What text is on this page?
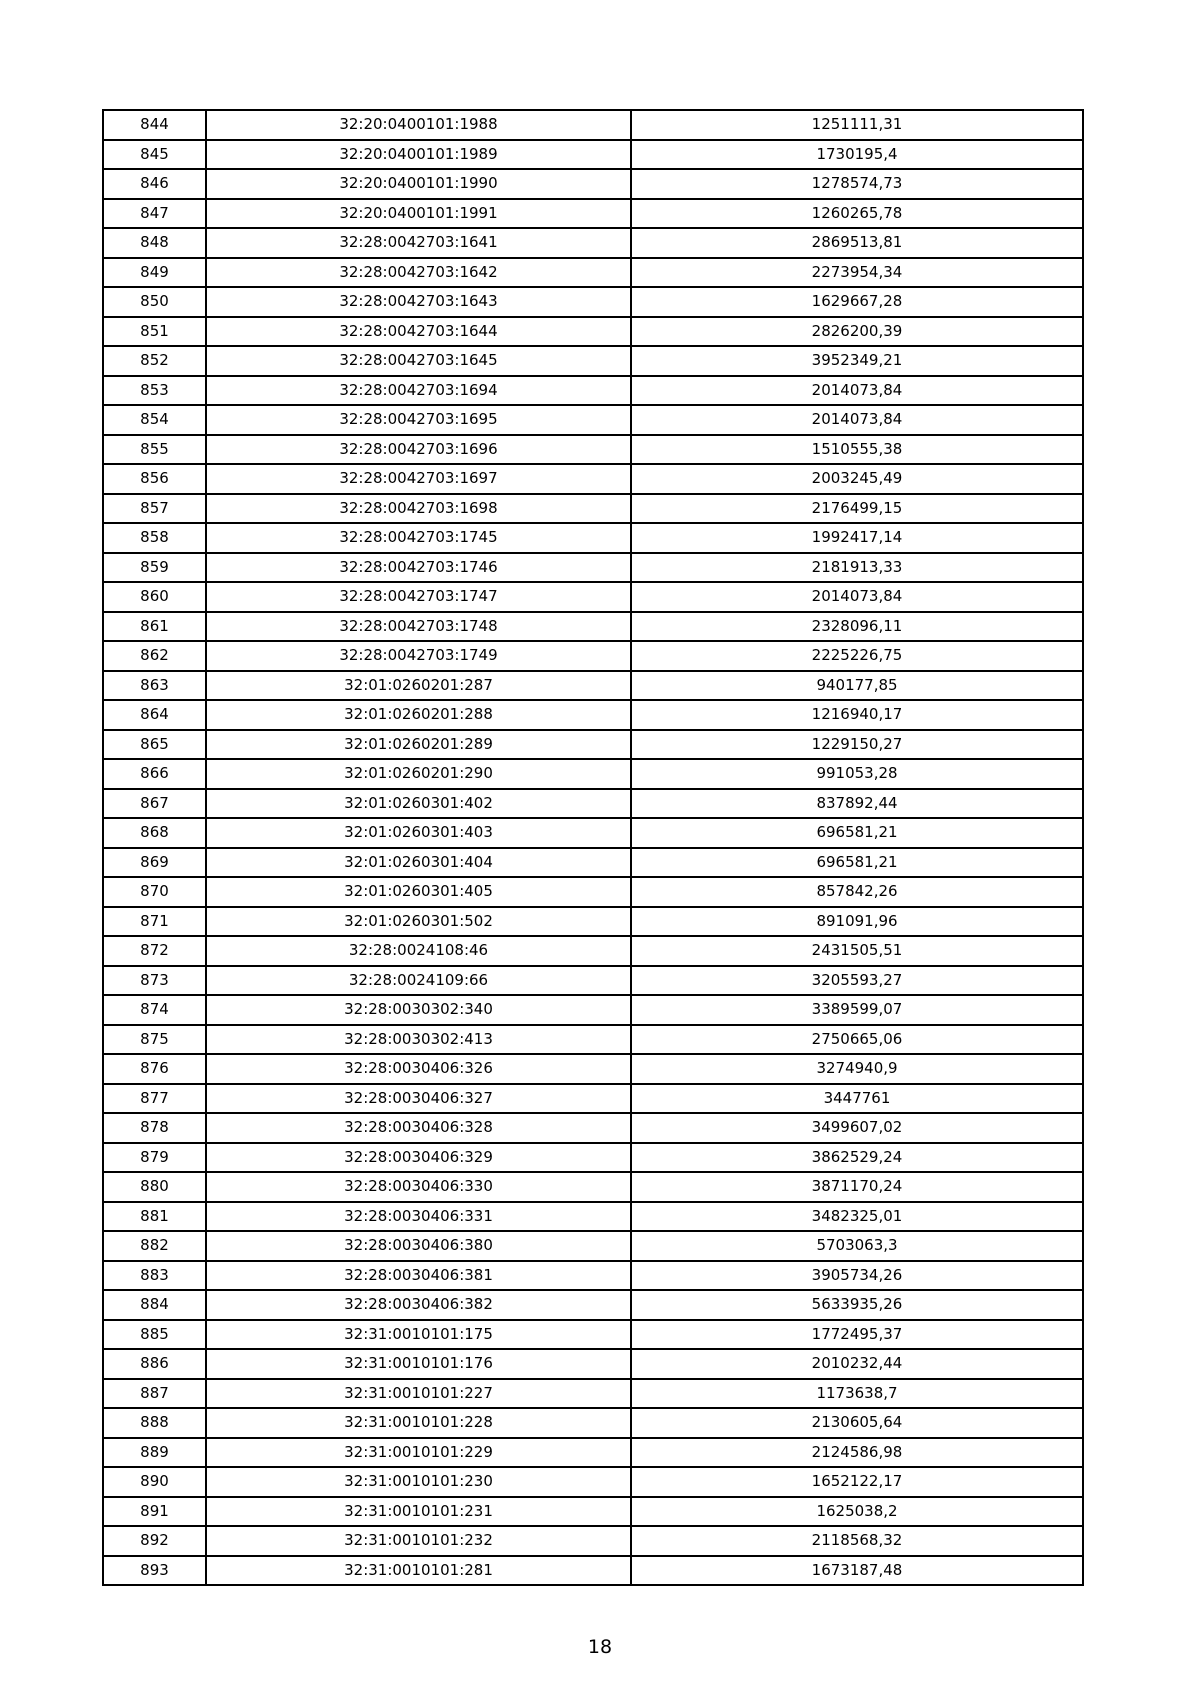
844	32:20:0400101:1988	1251111,31
845	32:20:0400101:1989	1730195,4
846	32:20:0400101:1990	1278574,73
847	32:20:0400101:1991	1260265,78
848	32:28:0042703:1641	2869513,81
849	32:28:0042703:1642	2273954,34
850	32:28:0042703:1643	1629667,28
851	32:28:0042703:1644	2826200,39
852	32:28:0042703:1645	3952349,21
853	32:28:0042703:1694	2014073,84
854	32:28:0042703:1695	2014073,84
855	32:28:0042703:1696	1510555,38
856	32:28:0042703:1697	2003245,49
857	32:28:0042703:1698	2176499,15
858	32:28:0042703:1745	1992417,14
859	32:28:0042703:1746	2181913,33
860	32:28:0042703:1747	2014073,84
861	32:28:0042703:1748	2328096,11
862	32:28:0042703:1749	2225226,75
863	32:01:0260201:287	940177,85
864	32:01:0260201:288	1216940,17
865	32:01:0260201:289	1229150,27
866	32:01:0260201:290	991053,28
867	32:01:0260301:402	837892,44
868	32:01:0260301:403	696581,21
869	32:01:0260301:404	696581,21
870	32:01:0260301:405	857842,26
871	32:01:0260301:502	891091,96
872	32:28:0024108:46	2431505,51
873	32:28:0024109:66	3205593,27
874	32:28:0030302:340	3389599,07
875	32:28:0030302:413	2750665,06
876	32:28:0030406:326	3274940,9
877	32:28:0030406:327	3447761
878	32:28:0030406:328	3499607,02
879	32:28:0030406:329	3862529,24
880	32:28:0030406:330	3871170,24
881	32:28:0030406:331	3482325,01
882	32:28:0030406:380	5703063,3
883	32:28:0030406:381	3905734,26
884	32:28:0030406:382	5633935,26
885	32:31:0010101:175	1772495,37
886	32:31:0010101:176	2010232,44
887	32:31:0010101:227	1173638,7
888	32:31:0010101:228	2130605,64
889	32:31:0010101:229	2124586,98
890	32:31:0010101:230	1652122,17
891	32:31:0010101:231	1625038,2
892	32:31:0010101:232	2118568,32
893	32:31:0010101:281	1673187,48
18
